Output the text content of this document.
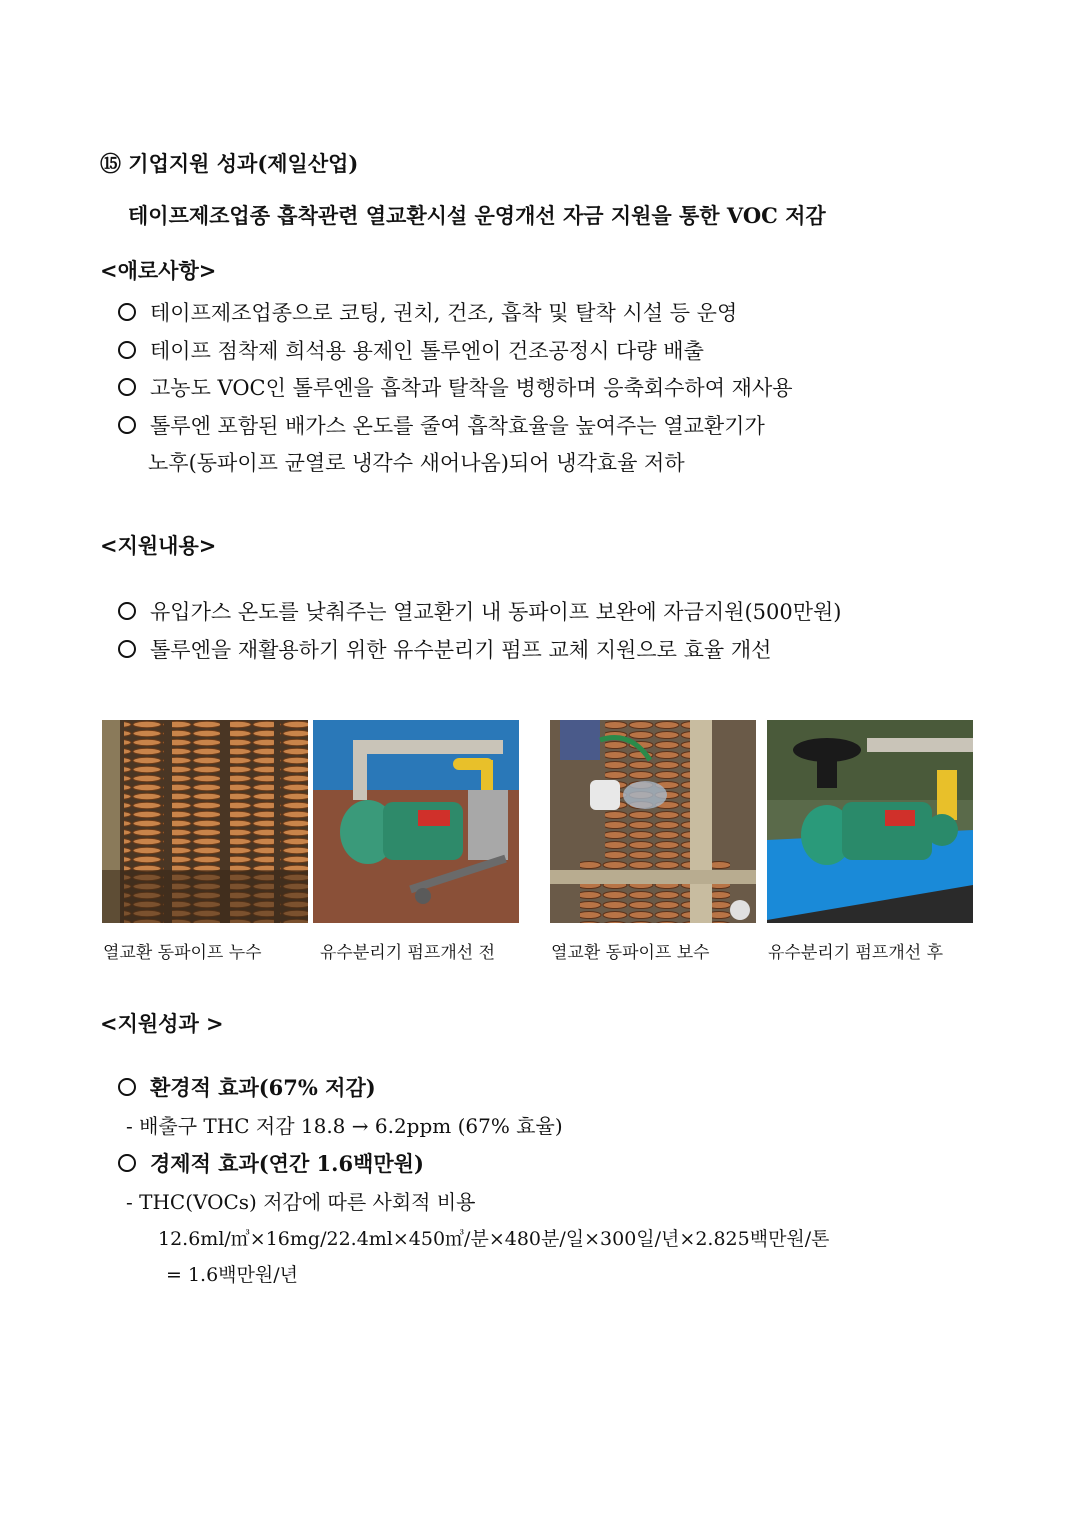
⑮ 기업지원 성과(제일산업)
테이프제조업종 흡착관련 열교환시설 운영개선 자금 지원을 통한 VOC 저감
<애로사항>
테이프제조업종으로 코팅, 권치, 건조, 흡착 및 탈착 시설 등 운영
테이프 점착제 희석용 용제인 톨루엔이 건조공정시 다량 배출
고농도 VOC인 톨루엔을 흡착과 탈착을 병행하며 응축회수하여 재사용
톨루엔 포함된 배가스 온도를 줄여 흡착효율을 높여주는 열교환기가
노후(동파이프 균열로 냉각수 새어나옴)되어 냉각효율 저하
<지원내용>
유입가스 온도를 낮춰주는 열교환기 내 동파이프 보완에 자금지원(500만원)
톨루엔을 재활용하기 위한 유수분리기 펌프 교체 지원으로 효율 개선
열교환 동파이프 누수	유수분리기 펌프개선 전	열교환 동파이프 보수	유수분리기 펌프개선 후
<지원성과 >
환경적 효과(67% 저감)
- 배출구 THC 저감 18.8 → 6.2ppm (67% 효율)
경제적 효과(연간 1.6백만원)
- THC(VOCs) 저감에 따른 사회적 비용
12.6ml/㎥×16mg/22.4ml×450㎥/분×480분/일×300일/년×2.825백만원/톤
= 1.6백만원/년
